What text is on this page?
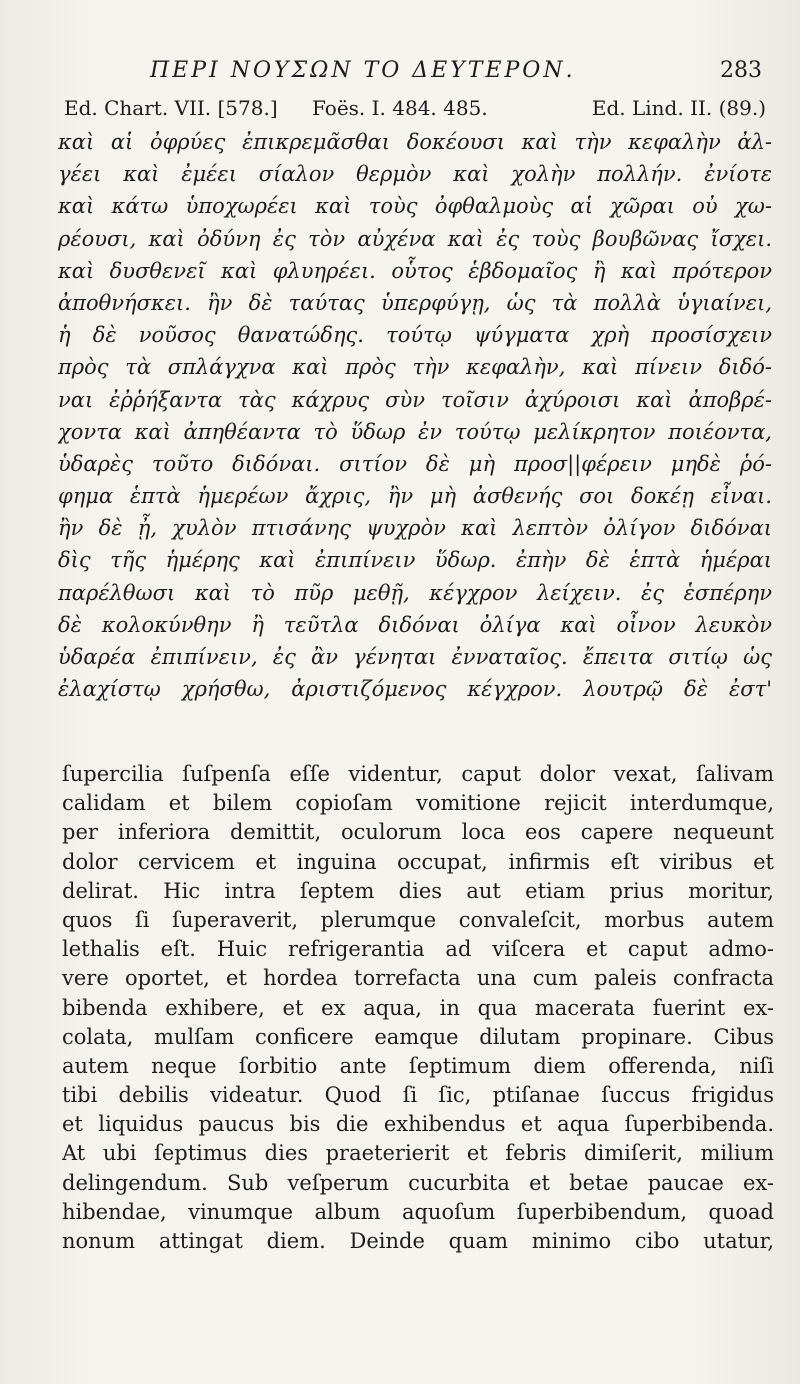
ΠΕΡΙ ΝΟΥΣΩΝ ΤΟ ΔΕΥΤΕΡΟΝ.	283
Ed. Chart. VII. [578.] Foës. I. 484. 485.	Ed. Lind. II. (89.)
καὶ αἱ ὀφρύες ἐπικρεμᾶσθαι δοκέουσι καὶ τὴν κεφαλὴν ἀλ-
γέει καὶ ἐμέει σίαλον θερμὸν καὶ χολὴν πολλήν. ἐνίοτε
καὶ κάτω ὑποχωρέει καὶ τοὺς ὀφθαλμοὺς αἱ χῶραι οὐ χω-
ρέουσι, καὶ ὀδύνη ἐς τὸν αὐχένα καὶ ἐς τοὺς βουβῶνας ἴσχει.
καὶ δυσθενεῖ καὶ φλυηρέει. οὗτος ἑβδομαῖος ἢ καὶ πρότερον
ἀποθνήσκει. ἢν δὲ ταύτας ὑπερφύγῃ, ὡς τὰ πολλὰ ὑγιαίνει,
ἡ δὲ νοῦσος θανατώδης. τούτῳ ψύγματα χρὴ προσίσχειν
πρὸς τὰ σπλάγχνα καὶ πρὸς τὴν κεφαλὴν, καὶ πίνειν διδό-
ναι ἐῤῥήξαντα τὰς κάχρυς σὺν τοῖσιν ἀχύροισι καὶ ἀποβρέ-
χοντα καὶ ἀπηθέαντα τὸ ὕδωρ ἐν τούτῳ μελίκρητον ποιέοντα,
ὑδαρὲς τοῦτο διδόναι. σιτίον δὲ μὴ προσ||φέρειν μηδὲ ῥό-
φημα ἑπτὰ ἡμερέων ἄχρις, ἢν μὴ ἀσθενής σοι δοκέῃ εἶναι.
ἢν δὲ ᾖ, χυλὸν πτισάνης ψυχρὸν καὶ λεπτὸν ὀλίγον διδόναι
δὶς τῆς ἡμέρης καὶ ἐπιπίνειν ὕδωρ. ἐπὴν δὲ ἑπτὰ ἡμέραι
παρέλθωσι καὶ τὸ πῦρ μεθῇ, κέγχρον λείχειν. ἐς ἑσπέρην
δὲ κολοκύνθην ἢ τεῦτλα διδόναι ὀλίγα καὶ οἶνον λευκὸν
ὑδαρέα ἐπιπίνειν, ἐς ἂν γένηται ἐνναταῖος. ἔπειτα σιτίῳ ὡς
ἐλαχίστῳ χρήσθω, ἀριστιζόμενος κέγχρον. λουτρῷ δὲ ἐστ'
ſupercilia ſuſpenſa eſſe videntur, caput dolor vexat, ſalivam
calidam et bilem copioſam vomitione rejicit interdumque,
per inferiora demittit, oculorum loca eos capere nequeunt
dolor cervicem et inguina occupat, infirmis eſt viribus et
delirat. Hic intra ſeptem dies aut etiam prius moritur,
quos ſi ſuperaverit, plerumque convaleſcit, morbus autem
lethalis eſt. Huic refrigerantia ad viſcera et caput admo-
vere oportet, et hordea torrefacta una cum paleis confracta
bibenda exhibere, et ex aqua, in qua macerata fuerint ex-
colata, mulſam conficere eamque dilutam propinare. Cibus
autem neque ſorbitio ante ſeptimum diem offerenda, niſi
tibi debilis videatur. Quod ſi ſic, ptiſanae ſuccus frigidus
et liquidus paucus bis die exhibendus et aqua ſuperbibenda.
At ubi ſeptimus dies praeterierit et febris dimiſerit, milium
delingendum. Sub veſperum cucurbita et betae paucae ex-
hibendae, vinumque album aquoſum ſuperbibendum, quoad
nonum attingat diem. Deinde quam minimo cibo utatur,
